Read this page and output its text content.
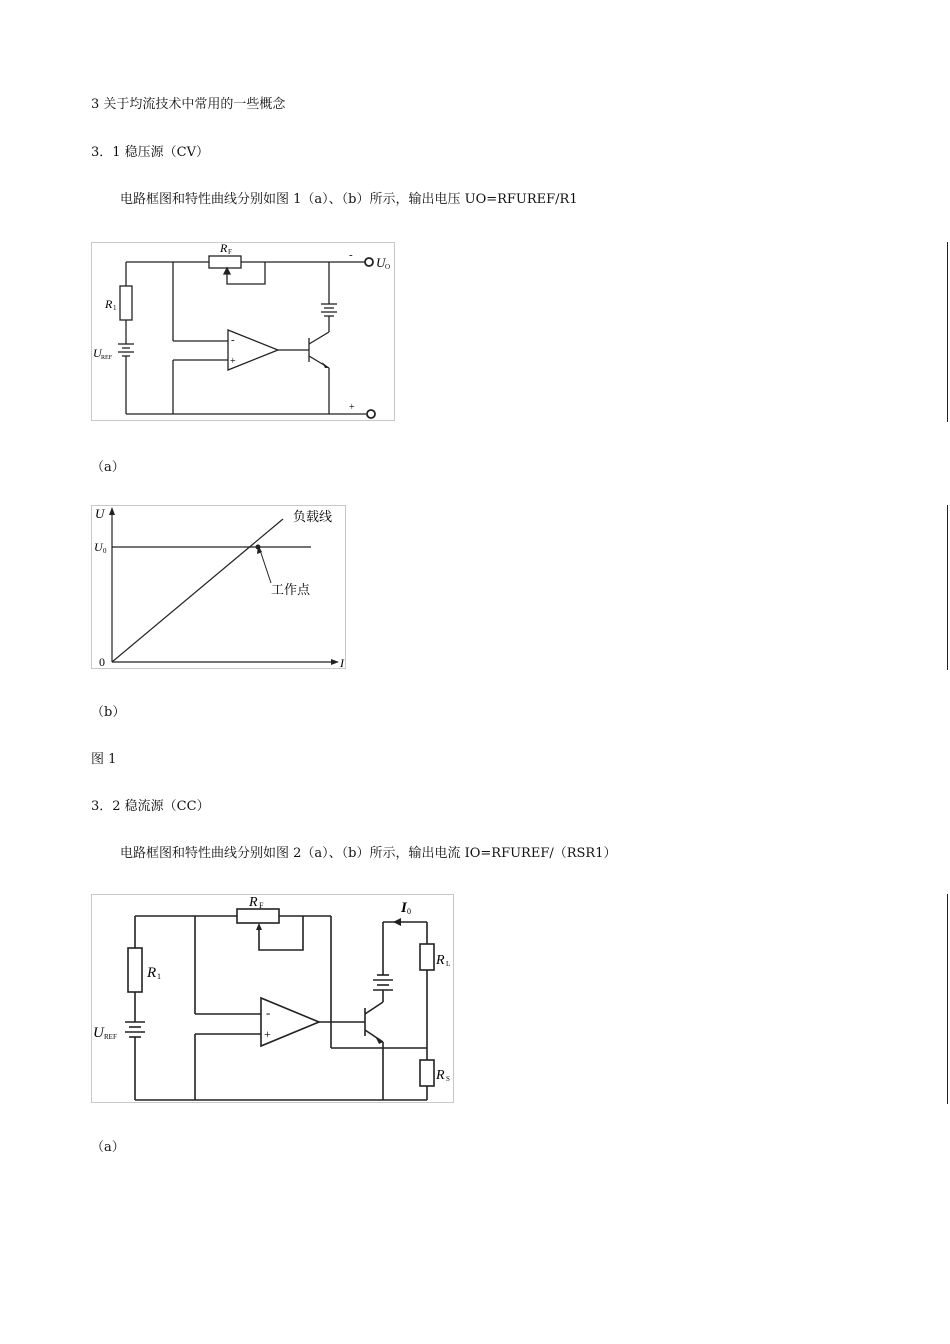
3 关于均流技术中常用的一些概念
3．1 稳压源（CV）
电路框图和特性曲线分别如图 1（a）、（b）所示，输出电压 UO=RFUREF/R1
R F
R 1
U REF
U O
-
+
-
+
（a）
U
U 0
0	I
负载线
工作点
（b）
图 1
3．2 稳流源（CC）
电路框图和特性曲线分别如图 2（a）、（b）所示，输出电流 IO=RFUREF/（RSR1）
R F
R 1
U REF
I 0
R L
R S
-
+
（a）
